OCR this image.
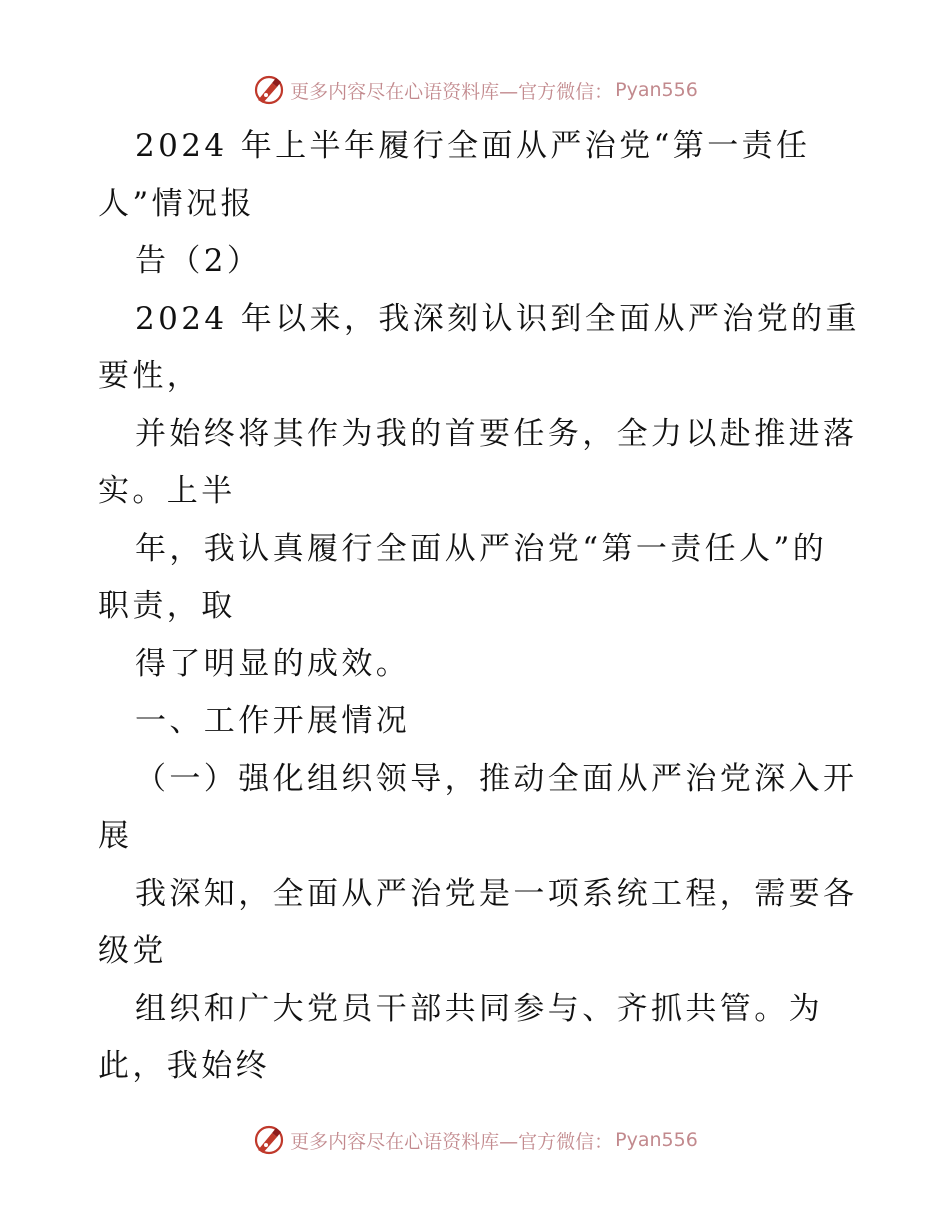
更多内容尽在心语资料库—官方微信： Pyan556
2024 年上半年履行全面从严治党“第一责任
人”情况报
告（2）
2024 年以来，我深刻认识到全面从严治党的重
要性，
并始终将其作为我的首要任务，全力以赴推进落
实。上半
年，我认真履行全面从严治党“第一责任人”的
职责，取
得了明显的成效。
一、工作开展情况
（一）强化组织领导，推动全面从严治党深入开
展
我深知，全面从严治党是一项系统工程，需要各
级党
组织和广大党员干部共同参与、齐抓共管。为
此，我始终
更多内容尽在心语资料库—官方微信： Pyan556
